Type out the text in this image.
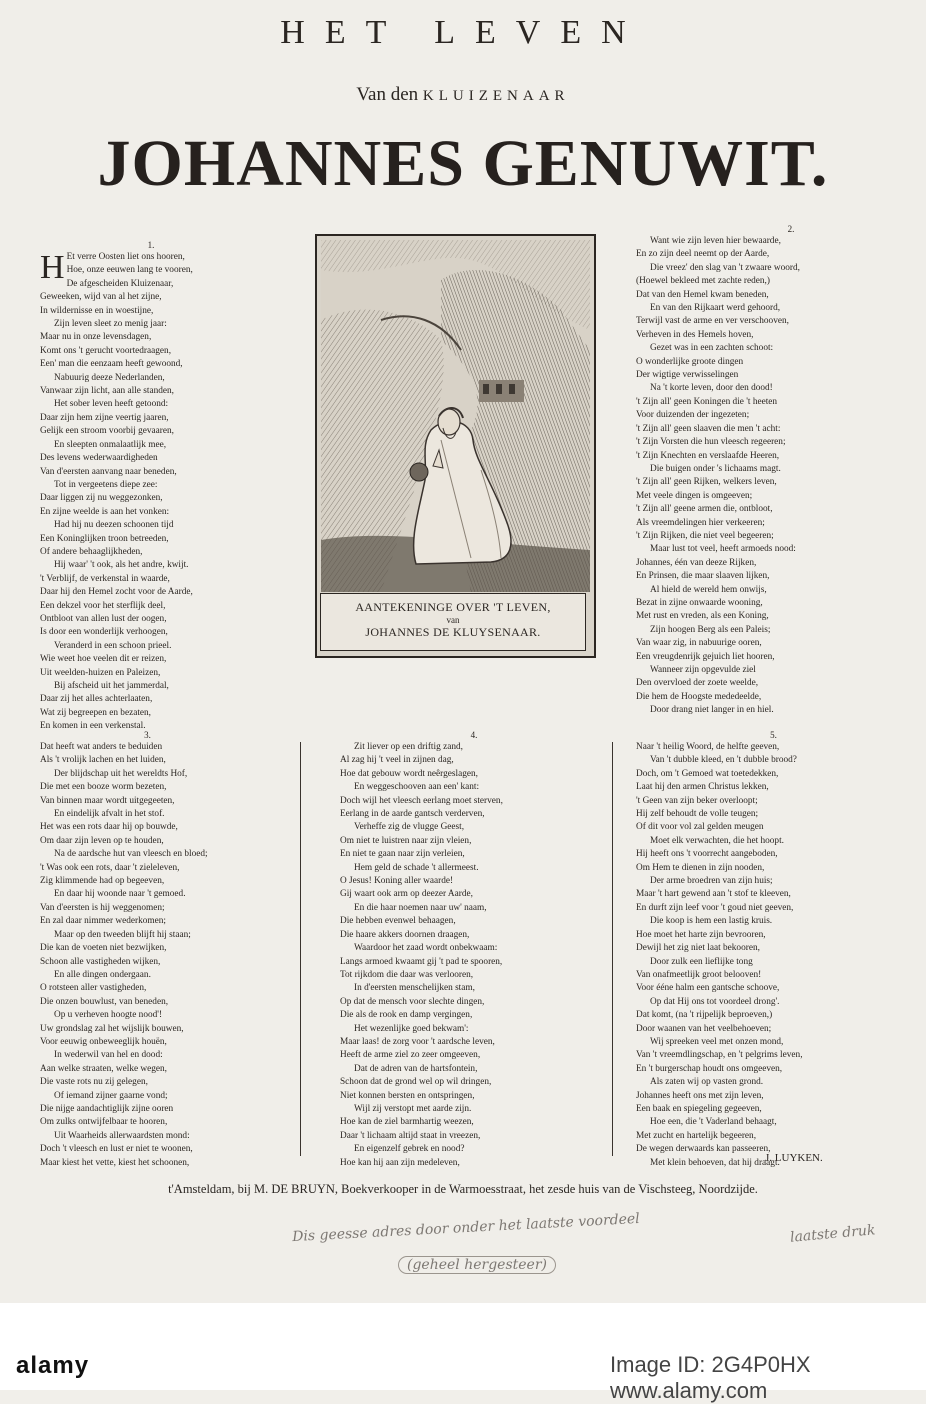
HET LEVEN
Van den KLUIZENAAR
JOHANNES GENUWIT.
1.
H Et verre Oosten liet ons hooren,
Hoe, onze eeuwen lang te vooren,
De afgescheiden Kluizenaar,
Geweeken, wijd van al het zijne,
In wildernisse en in woestijne,
Zijn leven sleet zo menig jaar:
Maar nu in onze levensdagen,
Komt ons 't gerucht voortedraagen,
Een' man die eenzaam heeft gewoond,
Nabuurig deeze Nederlanden,
Vanwaar zijn licht, aan alle standen,
Het sober leven heeft getoond:
Daar zijn hem zijne veertig jaaren,
Gelijk een stroom voorbij gevaaren,
En sleepten onmalaatlijk mee,
Des levens wederwaardigheden
Van d'eersten aanvang naar beneden,
Tot in vergeetens diepe zee:
Daar liggen zij nu weggezonken,
En zijne weelde is aan het vonken:
Had hij nu deezen schoonen tijd
Een Koninglijken troon betreeden,
Of andere behaaglijkheden,
Hij waar' 't ook, als het andre, kwijt.
't Verblijf, de verkenstal in waarde,
Daar hij den Hemel zocht voor de Aarde,
Een dekzel voor het sterflijk deel,
Ontbloot van allen lust der oogen,
Is door een wonderlijk verhoogen,
Veranderd in een schoon prieel.
Wie weet hoe veelen dit er reizen,
Uit weelden-huizen en Paleizen,
Bij afscheid uit het jammerdal,
Daar zij het alles achterlaaten,
Wat zij begreepen en bezaten,
En komen in een verkenstal.
AANTEKENINGE OVER 'T LEVEN,
van
JOHANNES DE KLUYSENAAR.
2.
Want wie zijn leven hier bewaarde,
En zo zijn deel neemt op der Aarde,
Die vreez' den slag van 't zwaare woord,
(Hoewel bekleed met zachte reden,)
Dat van den Hemel kwam beneden,
En van den Rijkaart werd gehoord,
Terwijl vast de arme en ver verschooven,
Verheven in des Hemels hoven,
Gezet was in een zachten schoot:
O wonderlijke groote dingen
Der wigtige verwisselingen
Na 't korte leven, door den dood!
't Zijn all' geen Koningen die 't heeten
Voor duizenden der ingezeten;
't Zijn all' geen slaaven die men 't acht:
't Zijn Vorsten die hun vleesch regeeren;
't Zijn Knechten en verslaafde Heeren,
Die buigen onder 's lichaams magt.
't Zijn all' geen Rijken, welkers leven,
Met veele dingen is omgeeven;
't Zijn all' geene armen die, ontbloot,
Als vreemdelingen hier verkeeren;
't Zijn Rijken, die niet veel begeeren;
Maar lust tot veel, heeft armoeds nood:
Johannes, één van deeze Rijken,
En Prinsen, die maar slaaven lijken,
Al hield de wereld hem onwijs,
Bezat in zijne onwaarde wooning,
Met rust en vreden, als een Koning,
Zijn hoogen Berg als een Paleis;
Van waar zig, in nabuurige ooren,
Een vreugdenrijk gejuich liet hooren,
Wanneer zijn opgevulde ziel
Den overvloed der zoete weelde,
Die hem de Hoogste mededeelde,
Door drang niet langer in en hiel.
3.
Dat heeft wat anders te beduiden
Als 't vrolijk lachen en het luiden,
Der blijdschap uit het wereldts Hof,
Die met een booze worm bezeten,
Van binnen maar wordt uitgegeeten,
En eindelijk afvalt in het stof.
Het was een rots daar hij op bouwde,
Om daar zijn leven op te houden,
Na de aardsche hut van vleesch en bloed;
't Was ook een rots, daar 't zieleleven,
Zig klimmende had op begeeven,
En daar hij woonde naar 't gemoed.
Van d'eersten is hij weggenomen;
En zal daar nimmer wederkomen;
Maar op den tweeden blijft hij staan;
Die kan de voeten niet bezwijken,
Schoon alle vastigheden wijken,
En alle dingen ondergaan.
O rotsteen aller vastigheden,
Die onzen bouwlust, van beneden,
Op u verheven hoogte nood'!
Uw grondslag zal het wijslijk bouwen,
Voor eeuwig onbeweeglijk houën,
In wederwil van hel en dood:
Aan welke straaten, welke wegen,
Die vaste rots nu zij gelegen,
Of iemand zijner gaarne vond;
Die nijge aandachtiglijk zijne ooren
Om zulks ontwijfelbaar te hooren,
Uit Waarheids allerwaardsten mond:
Doch 't vleesch en lust er niet te woonen,
Maar kiest het vette, kiest het schoonen,
4.
Zit liever op een driftig zand,
Al zag hij 't veel in zijnen dag,
Hoe dat gebouw wordt neêrgeslagen,
En weggeschooven aan een' kant:
Doch wijl het vleesch eerlang moet sterven,
Eerlang in de aarde gantsch verderven,
Verheffe zig de vlugge Geest,
Om niet te luistren naar zijn vleien,
En niet te gaan naar zijn verleien,
Hem geld de schade 't allermeest.
O Jesus! Koning aller waarde!
Gij waart ook arm op deezer Aarde,
En die haar noemen naar uw' naam,
Die hebben evenwel behaagen,
Die haare akkers doornen draagen,
Waardoor het zaad wordt onbekwaam:
Langs armoed kwaamt gij 't pad te spooren,
Tot rijkdom die daar was verlooren,
In d'eersten menschelijken stam,
Op dat de mensch voor slechte dingen,
Die als de rook en damp vergingen,
Het wezenlijke goed bekwam':
Maar laas! de zorg voor 't aardsche leven,
Heeft de arme ziel zo zeer omgeeven,
Dat de adren van de hartsfontein,
Schoon dat de grond wel op wil dringen,
Niet konnen bersten en ontspringen,
Wijl zij verstopt met aarde zijn.
Hoe kan de ziel barmhartig weezen,
Daar 't lichaam altijd staat in vreezen,
En eigenzelf gebrek en nood?
Hoe kan hij aan zijn medeleven,
5.
Naar 't heilig Woord, de helfte geeven,
Van 't dubble kleed, en 't dubble brood?
Doch, om 't Gemoed wat toetedekken,
Laat hij den armen Christus lekken,
't Geen van zijn beker overloopt;
Hij zelf behoudt de volle teugen;
Of dit voor vol zal gelden meugen
Moet elk verwachten, die het hoopt.
Hij heeft ons 't voorrecht aangeboden,
Om Hem te dienen in zijn nooden,
Der arme broedren van zijn huis;
Maar 't hart gewend aan 't stof te kleeven,
En durft zijn leef voor 't goud niet geeven,
Die koop is hem een lastig kruis.
Hoe moet het harte zijn bevrooren,
Dewijl het zig niet laat bekooren,
Door zulk een lieflijke tong
Van onafmeetlijk groot belooven!
Voor ééne halm een gantsche schoove,
Op dat Hij ons tot voordeel drong'.
Dat komt, (na 't rijpelijk beproeven,)
Door waanen van het veelbehoeven;
Wij spreeken veel met onzen mond,
Van 't vreemdlingschap, en 't pelgrims leven,
En 't burgerschap houdt ons omgeeven,
Als zaten wij op vasten grond.
Johannes heeft ons met zijn leven,
Een baak en spiegeling gegeeven,
Hoe een, die 't Vaderland behaagt,
Met zucht en hartelijk begeeren,
De wegen derwaards kan passeeren,
Met klein behoeven, dat hij draagt.
J. LUYKEN.
t'Amsteldam, bij M. DE BRUYN, Boekverkooper in de Warmoesstraat, het zesde huis van de Vischsteeg, Noordzijde.
Dis geesse adres door onder het laatste voordeel
(geheel hergesteer)
laatste druk
alamy	Image ID: 2G4P0HX www.alamy.com
